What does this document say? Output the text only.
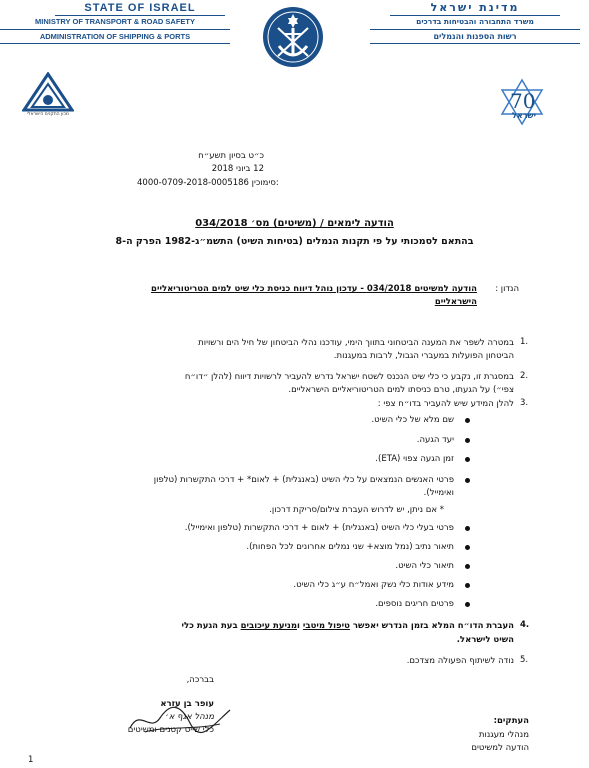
STATE OF ISRAEL
MINISTRY OF TRANSPORT & ROAD SAFETY
ADMINISTRATION OF SHIPPING & PORTS
מדינת ישראל
משרד התחבורה והבטיחות בדרכים
רשות הספנות והנמלים
מכון התקנים הישראלי
70
ישראל
כ״ט בסיון תשע״ח
12 ביוני 2018
4000-0709-2018-0005186 סימוכין:
הודעה לימאים / (משיטים) מס׳ 034/2018
בהתאם לסמכותי על פי תקנות הנמלים (בטיחות השיט) התשמ״ג-1982 הפרק ה-8
הנדון :
הודעה למשיטים 034/2018 - עדכון נוהל דיווח כניסת כלי שיט למים הטריטוריאליים
הישראליים
1.
במטרה לשפר את המענה הביטחוני בתווך הימי, עודכנו נהלי הביטחון של חיל הים ורשויות
הביטחון הפועלות במעברי הגבול, לרבות במעגנות.
2.
במסגרת זו, נקבע כי כלי שיט הנכנס לשטח ישראל נדרש להעביר לרשויות דיווח (להלן ״דו״ח
צפי״) על הגעתו, טרם כניסתו למים הטריטוריאליים הישראליים.
3.
להלן המידע שיש להעביר בדו״ח צפי :
שם מלא של כלי השיט.
יעד הגעה.
זמן הגעה צפוי (ETA).
פרטי האנשים הנמצאים על כלי השיט (באנגלית) + לאום* + דרכי התקשרות (טלפון
ואימייל).
* אם ניתן, יש לדרוש העברת צילום/סריקת דרכון.
פרטי בעלי כלי השיט (באנגלית) + לאום + דרכי התקשרות (טלפון ואימייל).
תיאור נתיב (נמל מוצא+ שני נמלים אחרונים לכל הפחות).
תיאור כלי השיט.
מידע אודות כלי נשק ואמל״ח ע״ג כלי השיט.
פרטים חריגים נוספים.
4.
העברת הדו״ח המלא בזמן הנדרש יאפשר טיפול מיטבי ומניעת עיכובים בעת הגעת כלי
השיט לישראל.
5.
נודה לשיתוף הפעולה מצדכם.
בברכה,
עופר בן עזרא
מנהל אגף א׳
כלי שייט קטנים ומשיטים
העתקים:
מנהלי מעגנות
הודעה למשיטים
1
